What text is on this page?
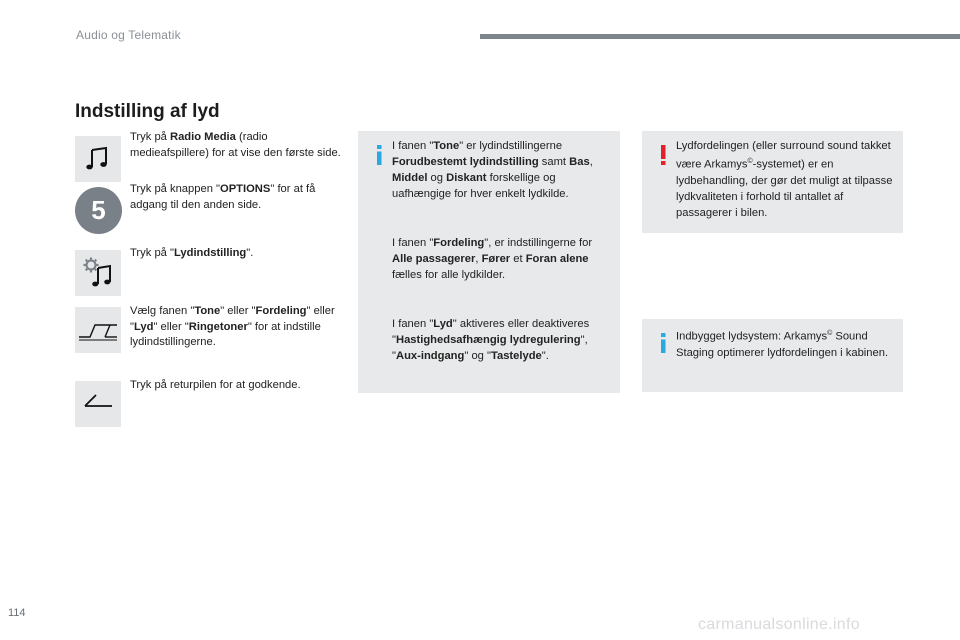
Audio og Telematik
Indstilling af lyd
Tryk på Radio Media (radio medieafspillere) for at vise den første side.
5
Tryk på knappen "OPTIONS" for at få adgang til den anden side.
Tryk på "Lydindstilling".
Vælg fanen "Tone" eller "Fordeling" eller "Lyd" eller "Ringetoner" for at indstille lydindstillingerne.
Tryk på returpilen for at godkende.

I fanen "Tone" er lydindstillingerne Forudbestemt lydindstilling samt Bas, Middel og Diskant forskellige og uafhængige for hver enkelt lydkilde.

I fanen "Fordeling", er indstillingerne for Alle passagerer, Fører et Foran alene fælles for alle lydkilder.

I fanen "Lyd" aktiveres eller deaktiveres "Hastighedsafhængig lydregulering", "Aux-indgang" og "Tastelyde".

Lydfordelingen (eller surround sound takket være Arkamys©-systemet) er en lydbehandling, der gør det muligt at tilpasse lydkvaliteten i forhold til antallet af passagerer i bilen.
Indbygget lydsystem: Arkamys© Sound Staging optimerer lydfordelingen i kabinen.
114
carmanualsonline.info
